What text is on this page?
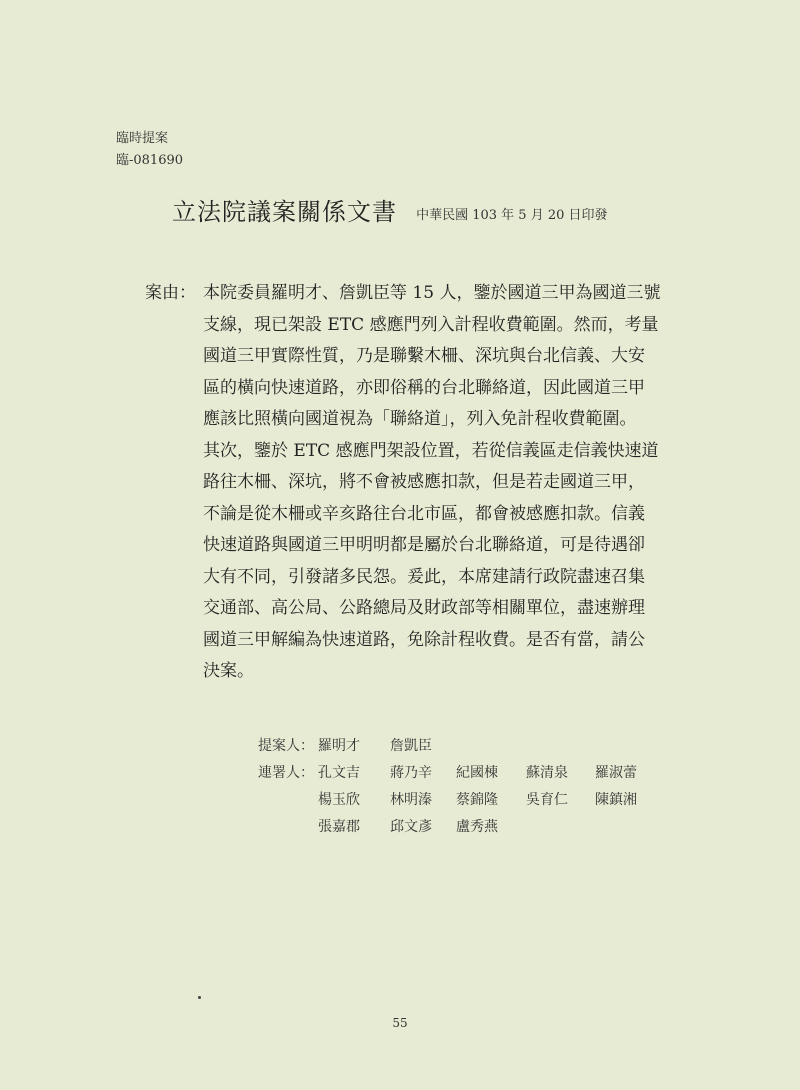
臨時提案
臨-081690
立法院議案關係文書 中華民國 103 年 5 月 20 日印發
案由： 本院委員羅明才、詹凱臣等 15 人，鑒於國道三甲為國道三號
支線，現已架設 ETC 感應門列入計程收費範圍。然而，考量
國道三甲實際性質，乃是聯繫木柵、深坑與台北信義、大安
區的橫向快速道路，亦即俗稱的台北聯絡道，因此國道三甲
應該比照橫向國道視為「聯絡道」，列入免計程收費範圍。
其次，鑒於 ETC 感應門架設位置，若從信義區走信義快速道
路往木柵、深坑，將不會被感應扣款，但是若走國道三甲，
不論是從木柵或辛亥路往台北市區，都會被感應扣款。信義
快速道路與國道三甲明明都是屬於台北聯絡道，可是待遇卻
大有不同，引發諸多民怨。爰此，本席建請行政院盡速召集
交通部、高公局、公路總局及財政部等相關單位，盡速辦理
國道三甲解編為快速道路，免除計程收費。是否有當，請公
決案。
提案人： 羅明才 詹凱臣
連署人： 孔文吉 蔣乃辛 紀國棟 蘇清泉 羅淑蕾
楊玉欣 林明溱 蔡錦隆 吳育仁 陳鎮湘
張嘉郡 邱文彥 盧秀燕
55
